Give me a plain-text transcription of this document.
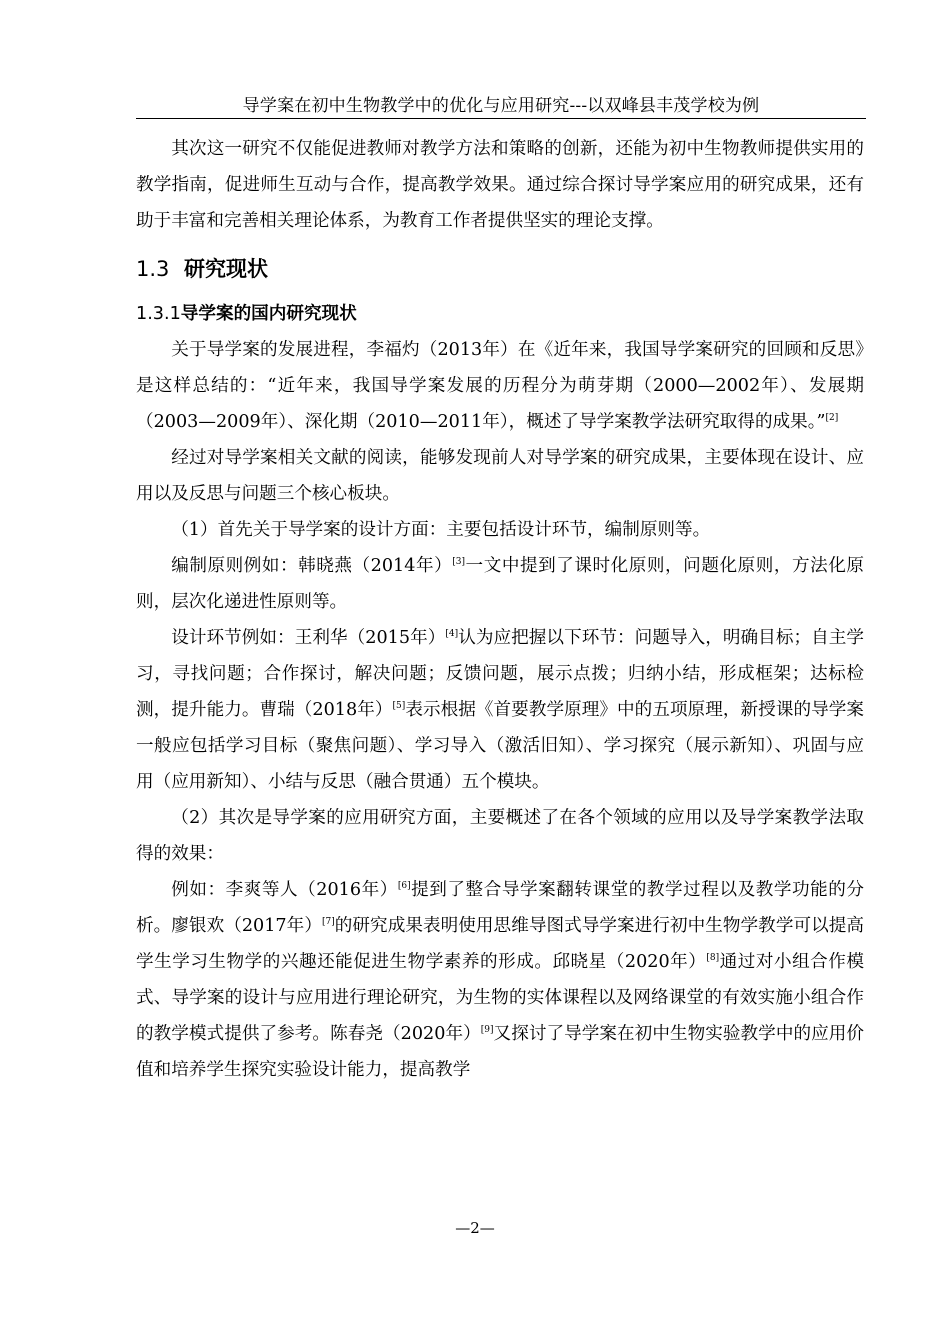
导学案在初中生物教学中的优化与应用研究---以双峰县丰茂学校为例

其次这一研究不仅能促进教师对教学方法和策略的创新，还能为初中生物教师提供实用的教学指南，促进师生互动与合作，提高教学效果。通过综合探讨导学案应用的研究成果，还有助于丰富和完善相关理论体系，为教育工作者提供坚实的理论支撑。

1.3 研究现状
1.3.1导学案的国内研究现状

关于导学案的发展进程，李福灼（2013年）在《近年来，我国导学案研究的回顾和反思》是这样总结的：“近年来，我国导学案发展的历程分为萌芽期（2000—2002年）、发展期（2003—2009年）、深化期（2010—2011年），概述了导学案教学法研究取得的成果。”[2]

经过对导学案相关文献的阅读，能够发现前人对导学案的研究成果，主要体现在设计、应用以及反思与问题三个核心板块。

（1）首先关于导学案的设计方面：主要包括设计环节，编制原则等。

编制原则例如：韩晓燕（2014年）[3]一文中提到了课时化原则，问题化原则，方法化原则，层次化递进性原则等。

设计环节例如：王利华（2015年）[4]认为应把握以下环节：问题导入，明确目标；自主学习，寻找问题；合作探讨，解决问题；反馈问题，展示点拨；归纳小结，形成框架；达标检测，提升能力。曹瑞（2018年）[5]表示根据《首要教学原理》中的五项原理，新授课的导学案一般应包括学习目标（聚焦问题）、学习导入（激活旧知）、学习探究（展示新知）、巩固与应用（应用新知）、小结与反思（融合贯通）五个模块。

（2）其次是导学案的应用研究方面，主要概述了在各个领域的应用以及导学案教学法取得的效果：

例如：李爽等人（2016年）[6]提到了整合导学案翻转课堂的教学过程以及教学功能的分析。廖银欢（2017年）[7]的研究成果表明使用思维导图式导学案进行初中生物学教学可以提高学生学习生物学的兴趣还能促进生物学素养的形成。邱晓星（2020年）[8]通过对小组合作模式、导学案的设计与应用进行理论研究，为生物的实体课程以及网络课堂的有效实施小组合作的教学模式提供了参考。陈春尧（2020年）[9]又探讨了导学案在初中生物实验教学中的应用价值和培养学生探究实验设计能力，提高教学

—2—
